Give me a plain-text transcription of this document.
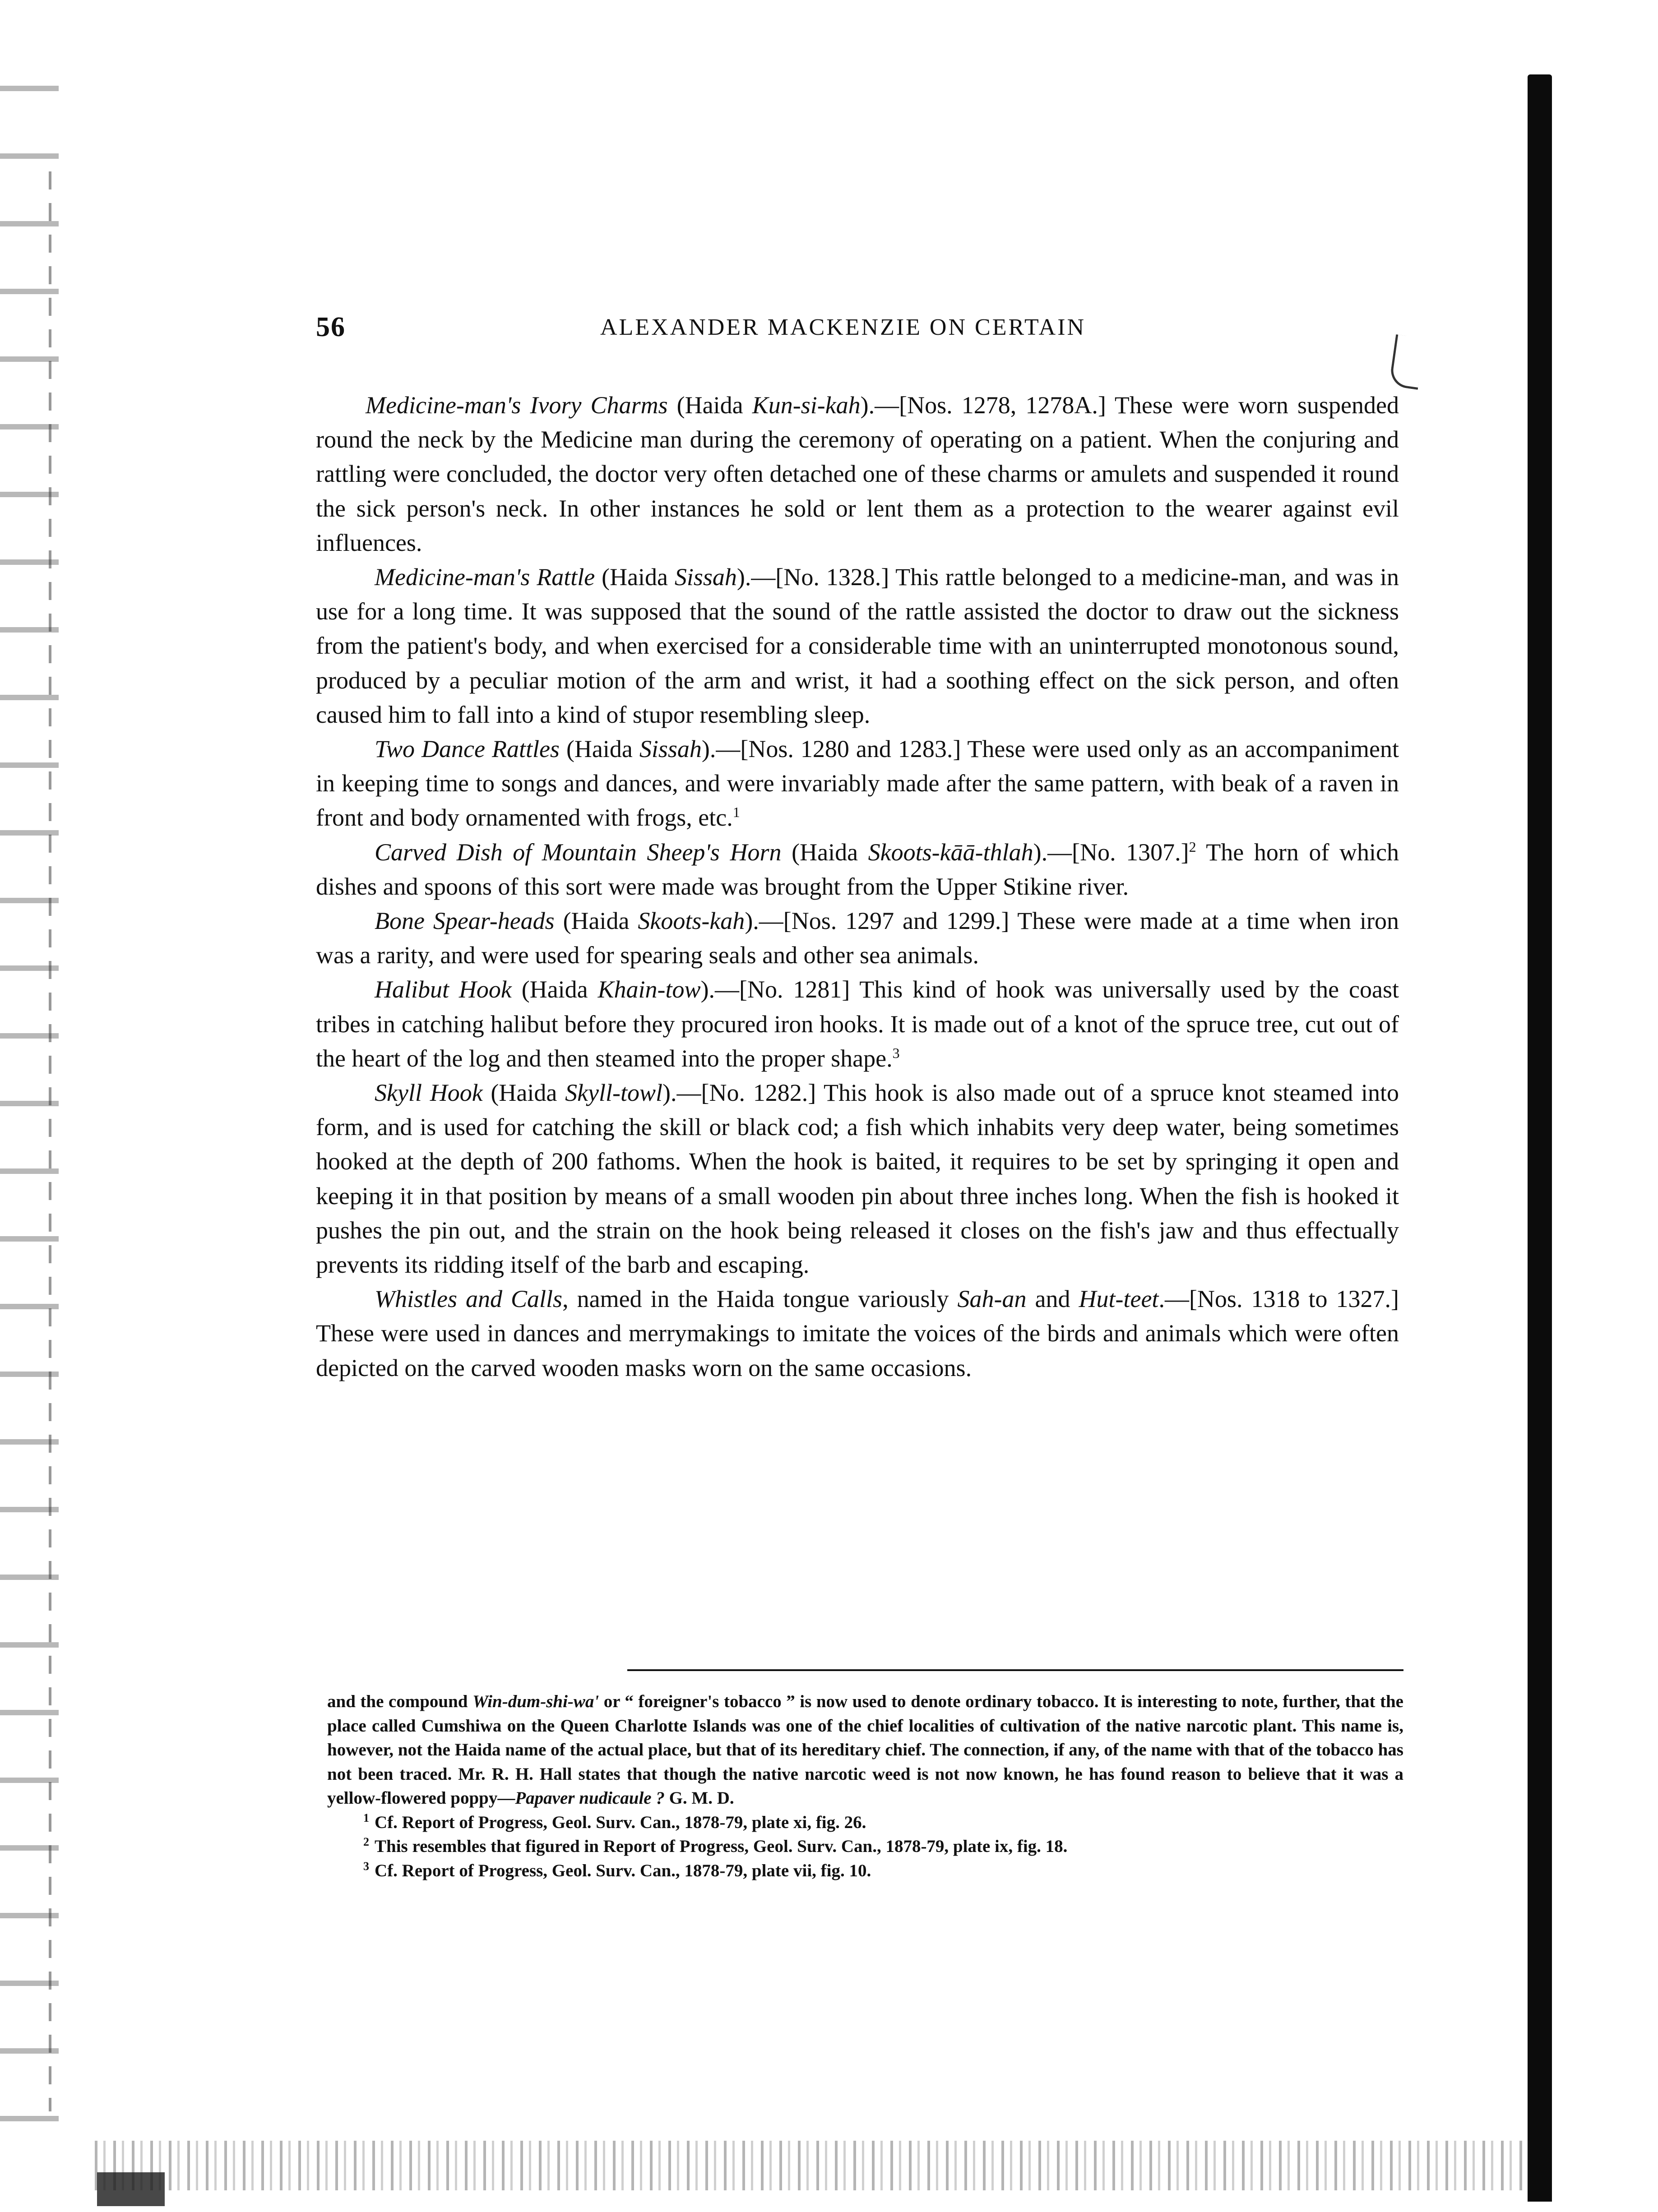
56	ALEXANDER MACKENZIE ON CERTAIN

Medicine-man's Ivory Charms (Haida Kun-si-kah).—[Nos. 1278, 1278A.] These were worn suspended round the neck by the Medicine man during the ceremony of operating on a patient. When the conjuring and rattling were concluded, the doctor very often detached one of these charms or amulets and suspended it round the sick person's neck. In other instances he sold or lent them as a protection to the wearer against evil influences.

Medicine-man's Rattle (Haida Sissah).—[No. 1328.] This rattle belonged to a medicine-man, and was in use for a long time. It was supposed that the sound of the rattle assisted the doctor to draw out the sickness from the patient's body, and when exercised for a considerable time with an uninterrupted monotonous sound, produced by a peculiar motion of the arm and wrist, it had a soothing effect on the sick person, and often caused him to fall into a kind of stupor resembling sleep.

Two Dance Rattles (Haida Sissah).—[Nos. 1280 and 1283.] These were used only as an accompaniment in keeping time to songs and dances, and were invariably made after the same pattern, with beak of a raven in front and body ornamented with frogs, etc.$^1$

Carved Dish of Mountain Sheep's Horn (Haida Skoots-kāā-thlah).—[No. 1307.]$^2$ The horn of which dishes and spoons of this sort were made was brought from the Upper Stikine river.

Bone Spear-heads (Haida Skoots-kah).—[Nos. 1297 and 1299.] These were made at a time when iron was a rarity, and were used for spearing seals and other sea animals.

Halibut Hook (Haida Khain-tow).—[No. 1281] This kind of hook was universally used by the coast tribes in catching halibut before they procured iron hooks. It is made out of a knot of the spruce tree, cut out of the heart of the log and then steamed into the proper shape.$^3$

Skyll Hook (Haida Skyll-towl).—[No. 1282.] This hook is also made out of a spruce knot steamed into form, and is used for catching the skill or black cod; a fish which inhabits very deep water, being sometimes hooked at the depth of 200 fathoms. When the hook is baited, it requires to be set by springing it open and keeping it in that position by means of a small wooden pin about three inches long. When the fish is hooked it pushes the pin out, and the strain on the hook being released it closes on the fish's jaw and thus effectually prevents its ridding itself of the barb and escaping.

Whistles and Calls, named in the Haida tongue variously Sah-an and Hut-teet.—[Nos. 1318 to 1327.] These were used in dances and merrymakings to imitate the voices of the birds and animals which were often depicted on the carved wooden masks worn on the same occasions.

and the compound Win-dum-shi-wa' or “ foreigner's tobacco ” is now used to denote ordinary tobacco. It is interesting to note, further, that the place called Cumshiwa on the Queen Charlotte Islands was one of the chief localities of cultivation of the native narcotic plant. This name is, however, not the Haida name of the actual place, but that of its hereditary chief. The connection, if any, of the name with that of the tobacco has not been traced. Mr. R. H. Hall states that though the native narcotic weed is not now known, he has found reason to believe that it was a yellow-flowered poppy—Papaver nudicaule ? G. M. D.

$^1$ Cf. Report of Progress, Geol. Surv. Can., 1878-79, plate xi, fig. 26.

$^2$ This resembles that figured in Report of Progress, Geol. Surv. Can., 1878-79, plate ix, fig. 18.

$^3$ Cf. Report of Progress, Geol. Surv. Can., 1878-79, plate vii, fig. 10.
